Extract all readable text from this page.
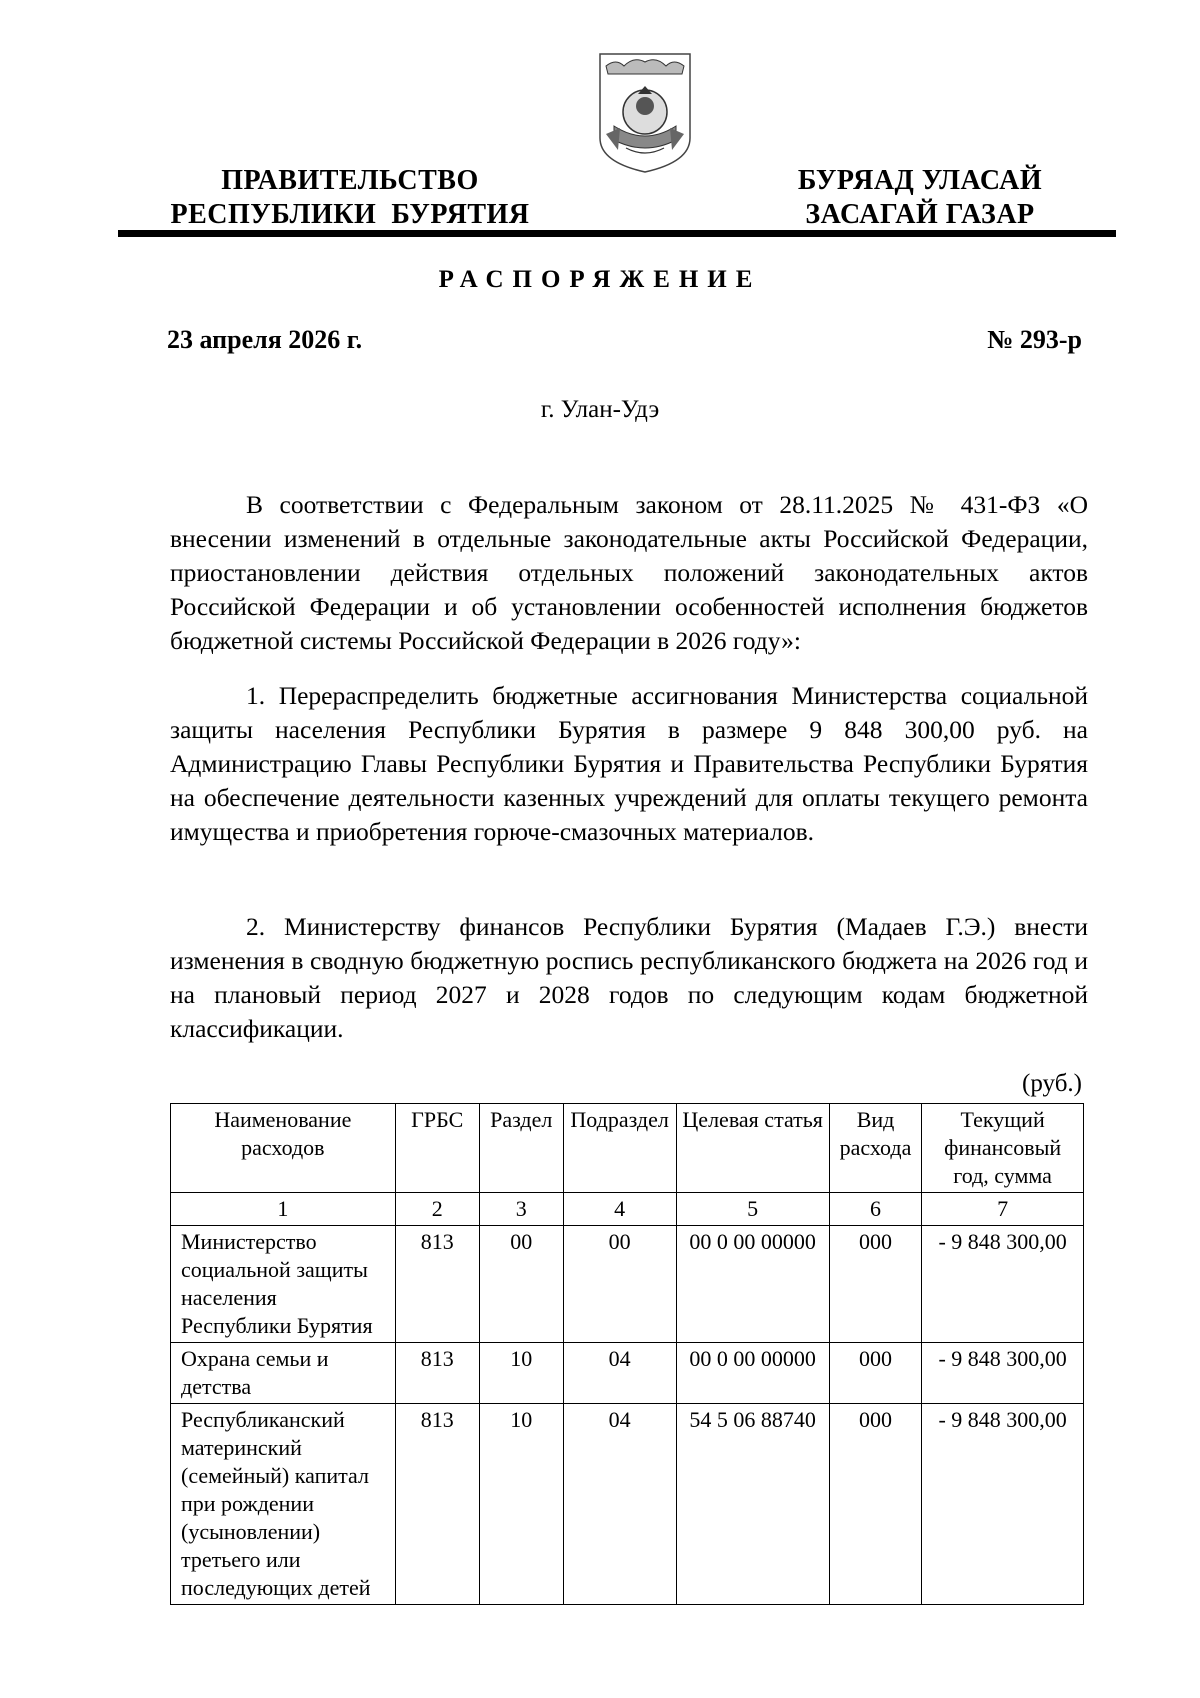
ПРАВИТЕЛЬСТВО
РЕСПУБЛИКИ  БУРЯТИЯ
БУРЯАД УЛАСАЙ
ЗАСАГАЙ ГАЗАР
РАСПОРЯЖЕНИЕ
23 апреля 2026 г.	№ 293-р
г. Улан-Удэ
В соответствии с Федеральным законом от 28.11.2025 № 431-ФЗ «О внесении изменений в отдельные законодательные акты Российской Федерации, приостановлении действия отдельных положений законодательных актов Российской Федерации и об установлении особенностей исполнения бюджетов бюджетной системы Российской Федерации в 2026 году»:
1. Перераспределить бюджетные ассигнования Министерства социальной защиты населения Республики Бурятия в размере 9 848 300,00 руб. на Администрацию Главы Республики Бурятия и Правительства Республики Бурятия на обеспечение деятельности казенных учреждений для оплаты текущего ремонта имущества и приобретения горюче-смазочных материалов.
2. Министерству финансов Республики Бурятия (Мадаев Г.Э.) внести изменения в сводную бюджетную роспись республиканского бюджета на 2026 год и на плановый период 2027 и 2028 годов по следующим кодам бюджетной классификации.
(руб.)
Наименование расходов	ГРБС	Раздел	Подраздел	Целевая статья	Вид расхода	Текущий финансовый год, сумма
1	2	3	4	5	6	7
Министерство социальной защиты населения Республики Бурятия	813	00	00	00 0 00 00000	000	- 9 848 300,00
Охрана семьи и детства	813	10	04	00 0 00 00000	000	- 9 848 300,00
Республиканский материнский (семейный) капитал при рождении (усыновлении) третьего или последующих детей	813	10	04	54 5 06 88740	000	- 9 848 300,00
